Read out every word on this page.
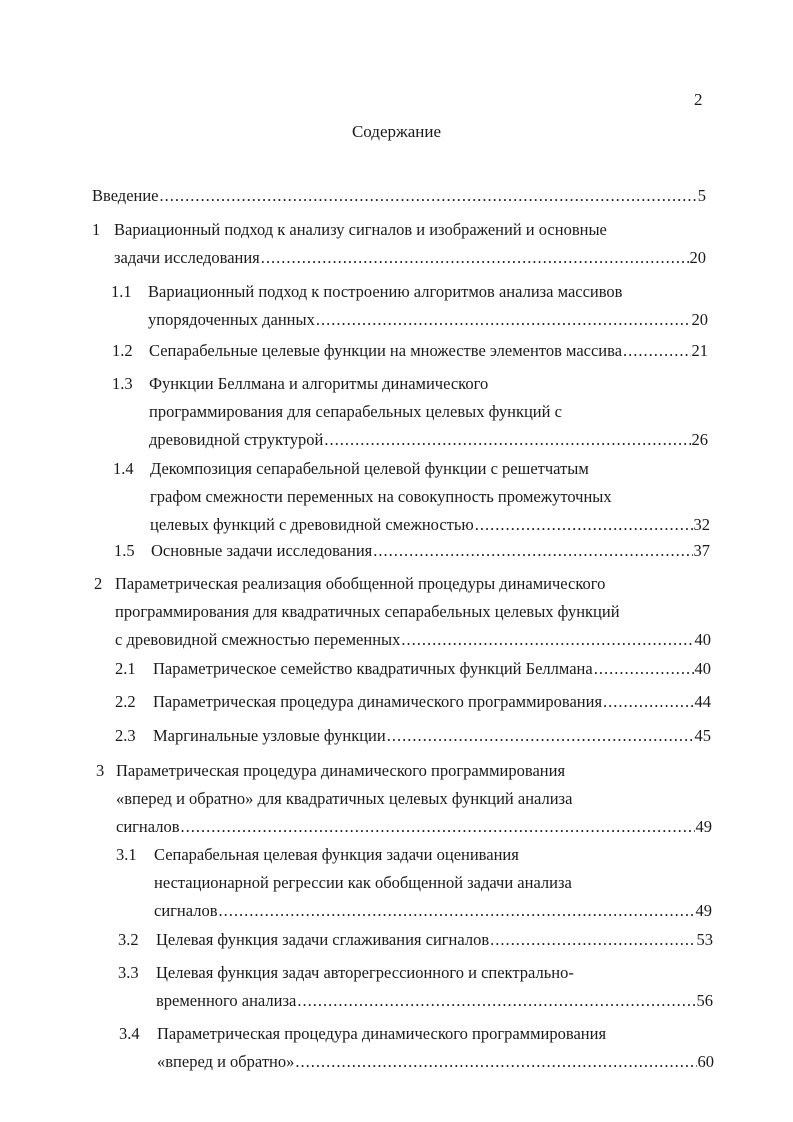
2
Содержание
Введение .....	5
1 Вариационный подход к анализу сигналов и изображений и основные
задачи исследования .....	20
1.1 Вариационный подход к построению алгоритмов анализа массивов
упорядоченных данных .....	20
1.2 Сепарабельные целевые функции на множестве элементов массива .....	21
1.3 Функции Беллмана и алгоритмы динамического
программирования для сепарабельных целевых функций с
древовидной структурой .....	26
1.4 Декомпозиция сепарабельной целевой функции с решетчатым
графом смежности переменных на совокупность промежуточных
целевых функций с древовидной смежностью .....	32
1.5 Основные задачи исследования .....	37
2 Параметрическая реализация обобщенной процедуры динамического
программирования для квадратичных сепарабельных целевых функций
с древовидной смежностью переменных .....	40
2.1 Параметрическое семейство квадратичных функций Беллмана .....	40
2.2 Параметрическая процедура динамического программирования .....	44
2.3 Маргинальные узловые функции .....	45
3 Параметрическая процедура динамического программирования
«вперед и обратно» для квадратичных целевых функций анализа
сигналов .....	49
3.1 Сепарабельная целевая функция задачи оценивания
нестационарной регрессии как обобщенной задачи анализа
сигналов .....	49
3.2 Целевая функция задачи сглаживания сигналов .....	53
3.3 Целевая функция задач авторегрессионного и спектрально-
временного анализа .....	56
3.4 Параметрическая процедура динамического программирования
«вперед и обратно» .....	60
